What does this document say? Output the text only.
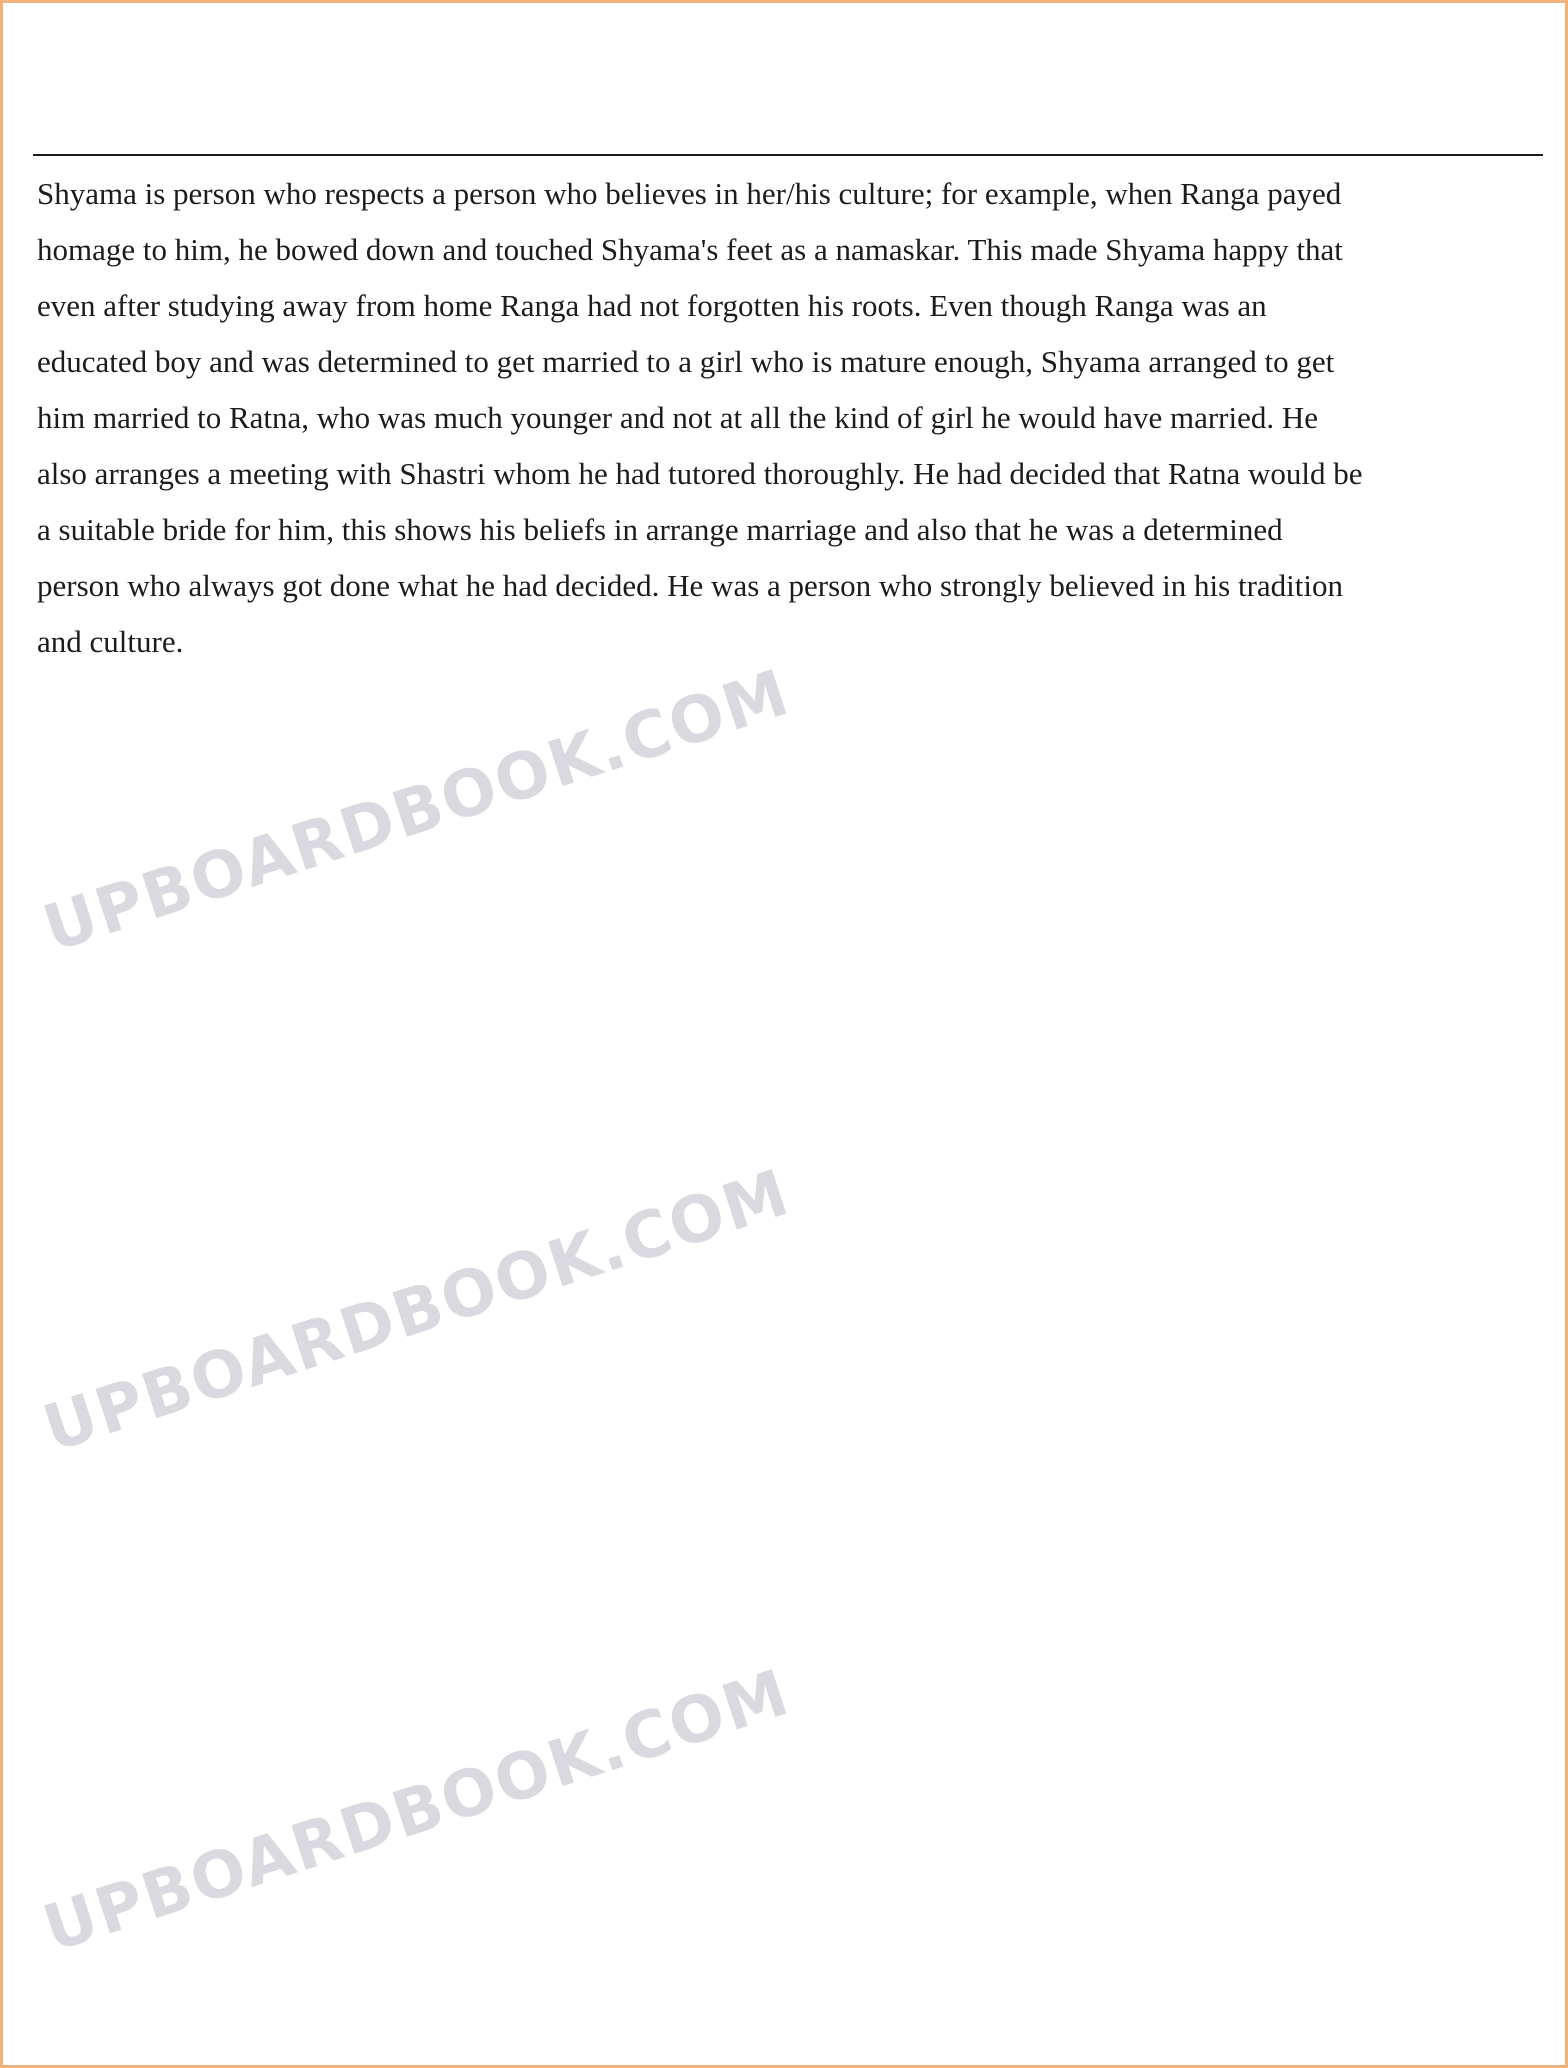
Shyama is person who respects a person who believes in her/his culture; for example, when Ranga payed
homage to him, he bowed down and touched Shyama's feet as a namaskar. This made Shyama happy that
even after studying away from home Ranga had not forgotten his roots. Even though Ranga was an
educated boy and was determined to get married to a girl who is mature enough, Shyama arranged to get
him married to Ratna, who was much younger and not at all the kind of girl he would have married. He
also arranges a meeting with Shastri whom he had tutored thoroughly. He had decided that Ratna would be
a suitable bride for him, this shows his beliefs in arrange marriage and also that he was a determined
person who always got done what he had decided. He was a person who strongly believed in his tradition
and culture.
UPBOARDBOOK.COM
UPBOARDBOOK.COM
UPBOARDBOOK.COM
